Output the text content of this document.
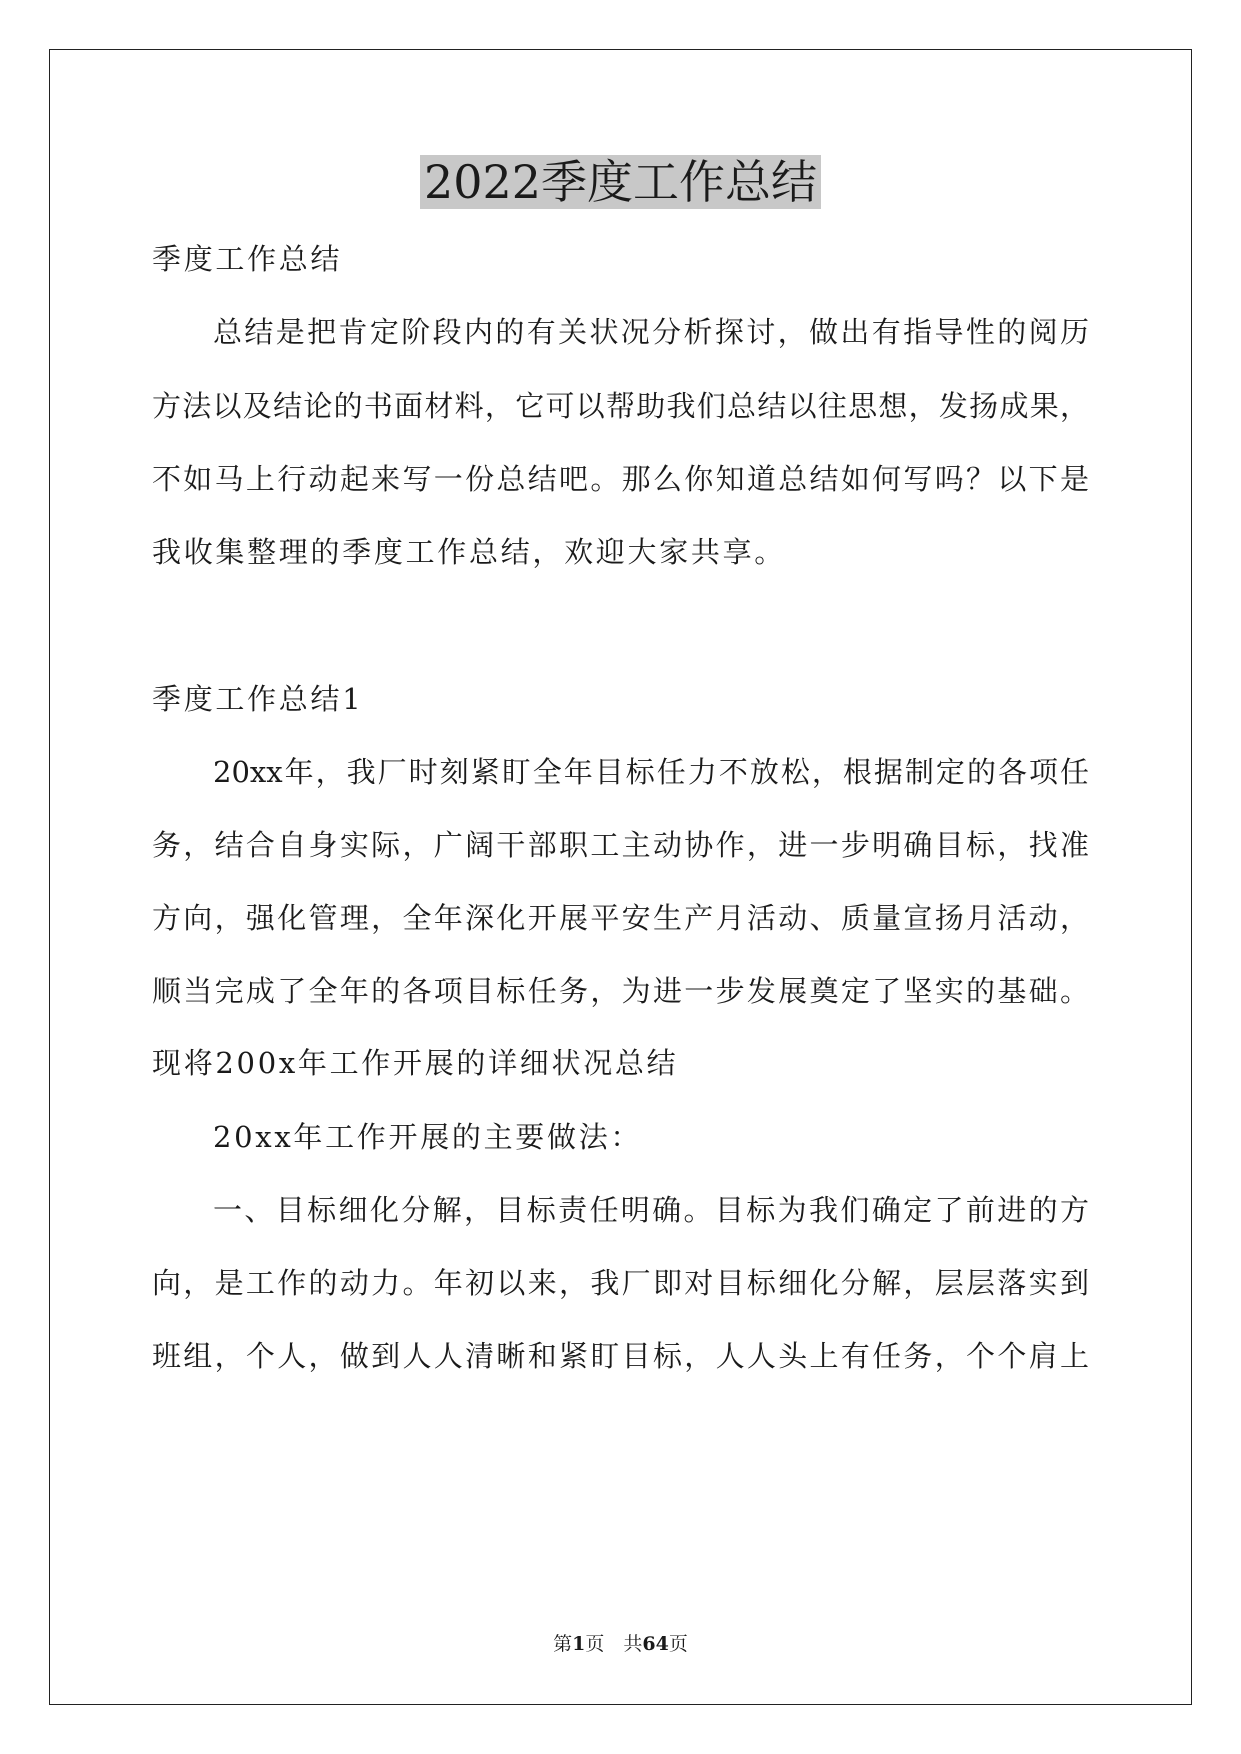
2022季度工作总结
季度工作总结
总结是把肯定阶段内的有关状况分析探讨，做出有指导性的阅历
方法以及结论的书面材料，它可以帮助我们总结以往思想，发扬成果，
不如马上行动起来写一份总结吧。那么你知道总结如何写吗？以下是
我收集整理的季度工作总结，欢迎大家共享。
季度工作总结1
20xx年，我厂时刻紧盯全年目标任力不放松，根据制定的各项任
务，结合自身实际，广阔干部职工主动协作，进一步明确目标，找准
方向，强化管理，全年深化开展平安生产月活动、质量宣扬月活动，
顺当完成了全年的各项目标任务，为进一步发展奠定了坚实的基础。
现将200x年工作开展的详细状况总结
20xx年工作开展的主要做法：
一、目标细化分解，目标责任明确。目标为我们确定了前进的方
向，是工作的动力。年初以来，我厂即对目标细化分解，层层落实到
班组，个人，做到人人清晰和紧盯目标，人人头上有任务，个个肩上
第1页　共64页
